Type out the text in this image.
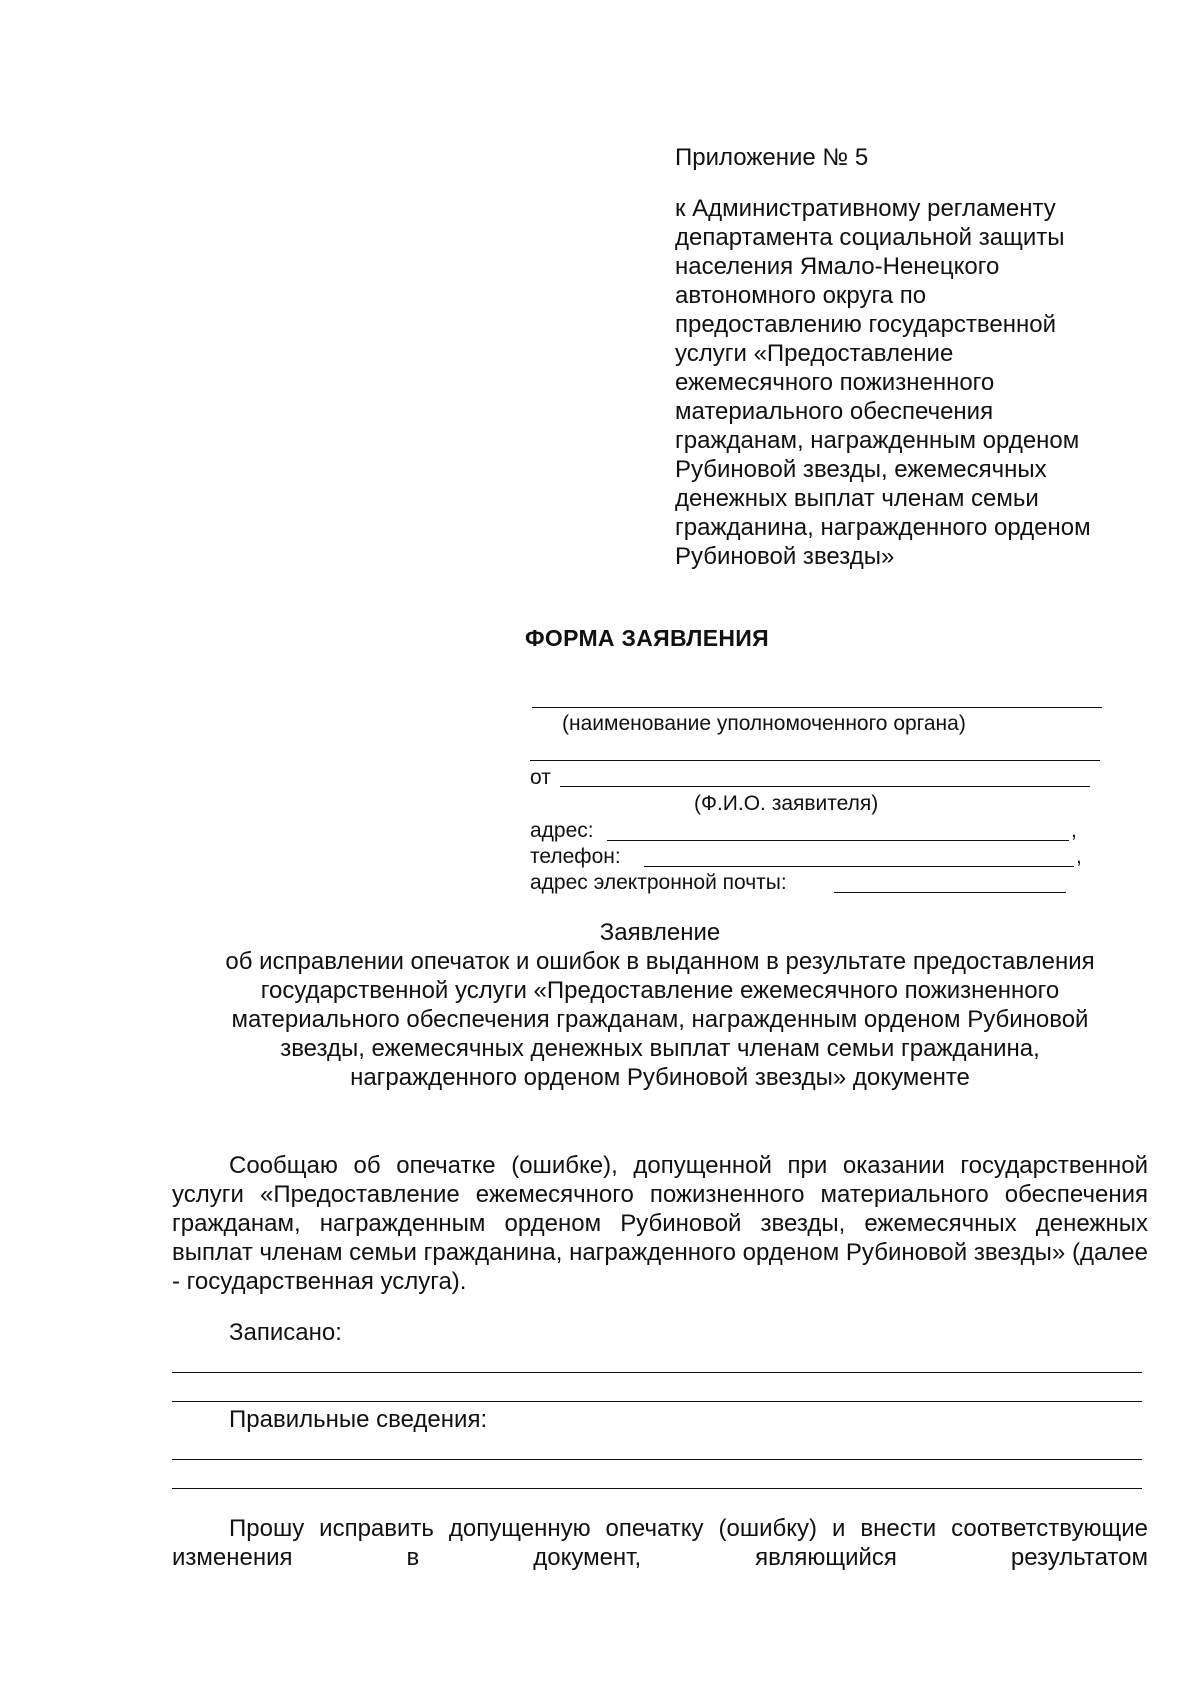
Приложение № 5
к Административному регламенту
департамента социальной защиты
населения Ямало-Ненецкого
автономного округа по
предоставлению государственной
услуги «Предоставление
ежемесячного пожизненного
материального обеспечения
гражданам, награжденным орденом
Рубиновой звезды, ежемесячных
денежных выплат членам семьи
гражданина, награжденного орденом
Рубиновой звезды»
ФОРМА ЗАЯВЛЕНИЯ
(наименование уполномоченного органа)
от
(Ф.И.О. заявителя)
адрес:	,
телефон:	,
адрес электронной почты:
Заявление
об исправлении опечаток и ошибок в выданном в результате предоставления
государственной услуги «Предоставление ежемесячного пожизненного
материального обеспечения гражданам, награжденным орденом Рубиновой
звезды, ежемесячных денежных выплат членам семьи гражданина,
награжденного орденом Рубиновой звезды» документе

Сообщаю об опечатке (ошибке), допущенной при оказании государственной услуги «Предоставление ежемесячного пожизненного материального обеспечения гражданам, награжденным орденом Рубиновой звезды, ежемесячных денежных выплат членам семьи гражданина, награжденного орденом Рубиновой звезды» (далее - государственная услуга).

Записано:
Правильные сведения:

Прошу исправить допущенную опечатку (ошибку) и внести соответствующие изменения в документ, являющийся результатом
